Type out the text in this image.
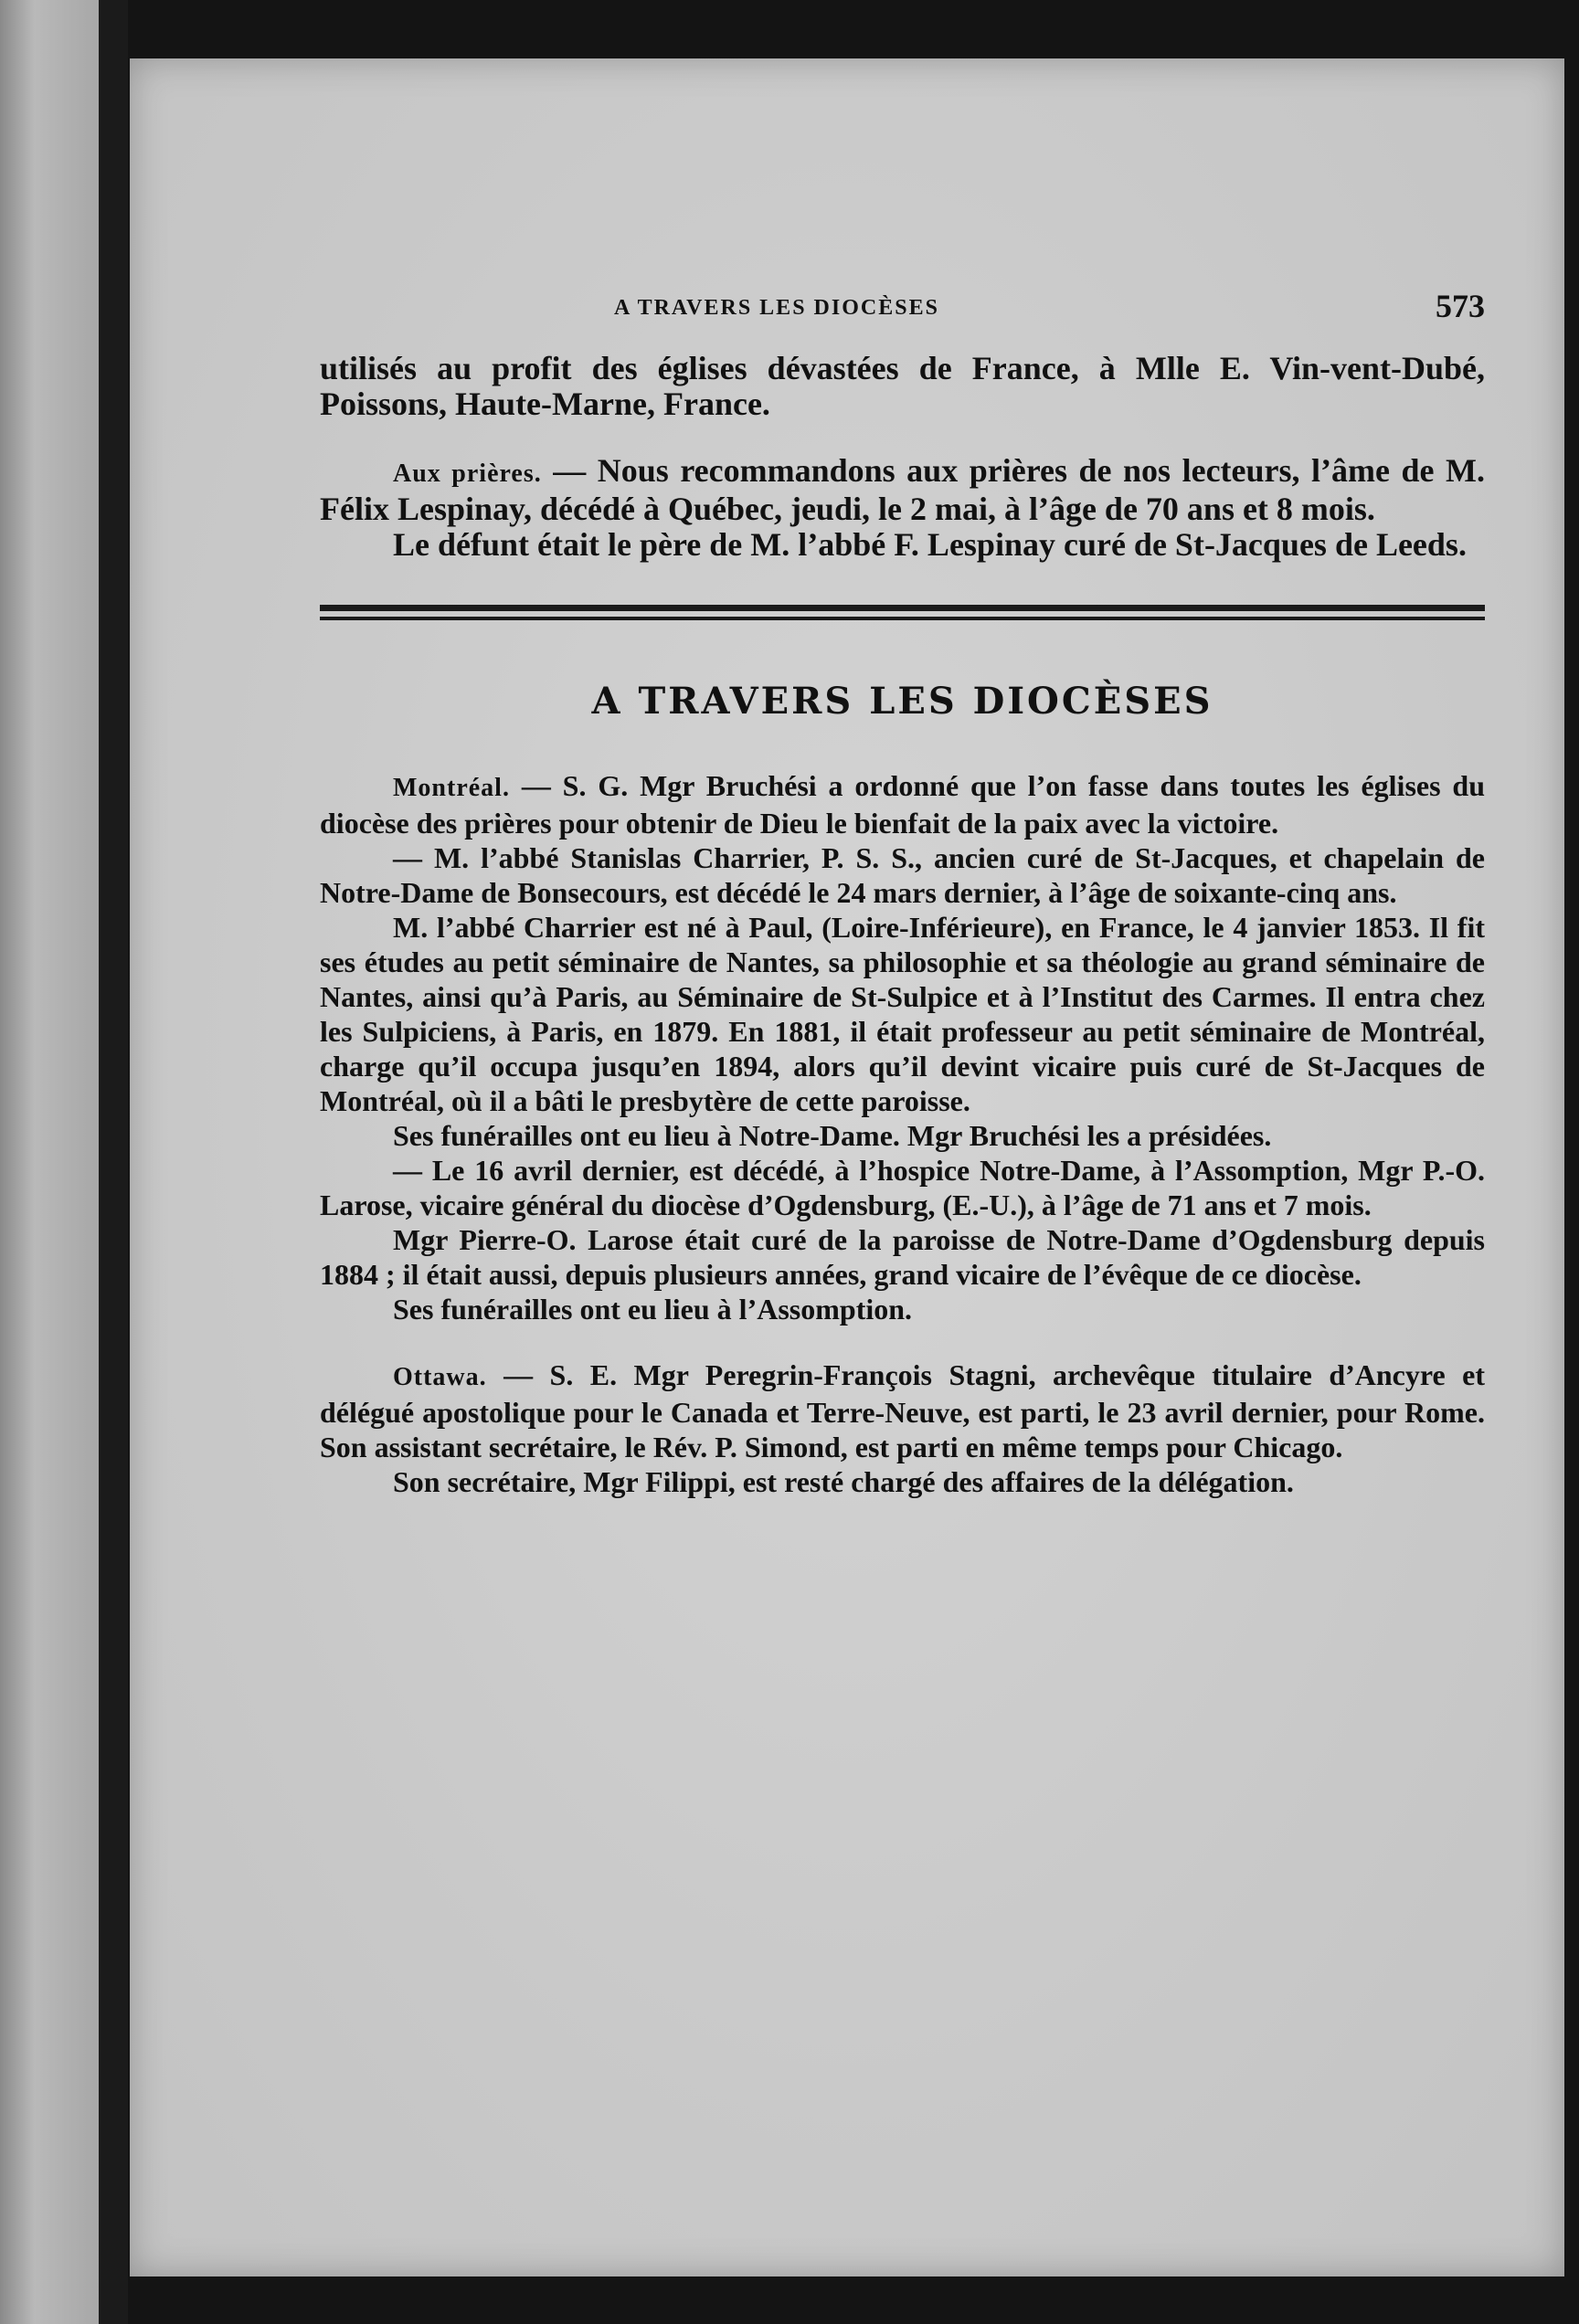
A TRAVERS LES DIOCÈSES	573

utilisés au profit des églises dévastées de France, à Mlle E. Vin-vent-Dubé, Poissons, Haute-Marne, France.

Aux prières. — Nous recommandons aux prières de nos lecteurs, l’âme de M. Félix Lespinay, décédé à Québec, jeudi, le 2 mai, à l’âge de 70 ans et 8 mois.

Le défunt était le père de M. l’abbé F. Lespinay curé de St-Jacques de Leeds.

A TRAVERS LES DIOCÈSES

Montréal. — S. G. Mgr Bruchési a ordonné que l’on fasse dans toutes les églises du diocèse des prières pour obtenir de Dieu le bienfait de la paix avec la victoire.

— M. l’abbé Stanislas Charrier, P. S. S., ancien curé de St-Jacques, et chapelain de Notre-Dame de Bonsecours, est décédé le 24 mars dernier, à l’âge de soixante-cinq ans.

M. l’abbé Charrier est né à Paul, (Loire-Inférieure), en France, le 4 janvier 1853. Il fit ses études au petit séminaire de Nantes, sa philosophie et sa théologie au grand séminaire de Nantes, ainsi qu’à Paris, au Séminaire de St-Sulpice et à l’Institut des Carmes. Il entra chez les Sulpiciens, à Paris, en 1879. En 1881, il était professeur au petit séminaire de Montréal, charge qu’il occupa jusqu’en 1894, alors qu’il devint vicaire puis curé de St-Jacques de Montréal, où il a bâti le presbytère de cette paroisse.

Ses funérailles ont eu lieu à Notre-Dame. Mgr Bruchési les a présidées.

— Le 16 avril dernier, est décédé, à l’hospice Notre-Dame, à l’Assomption, Mgr P.-O. Larose, vicaire général du diocèse d’Ogdensburg, (E.-U.), à l’âge de 71 ans et 7 mois.

Mgr Pierre-O. Larose était curé de la paroisse de Notre-Dame d’Ogdensburg depuis 1884 ; il était aussi, depuis plusieurs années, grand vicaire de l’évêque de ce diocèse.

Ses funérailles ont eu lieu à l’Assomption.

Ottawa. — S. E. Mgr Peregrin-François Stagni, archevêque titulaire d’Ancyre et délégué apostolique pour le Canada et Terre-Neuve, est parti, le 23 avril dernier, pour Rome. Son assistant secrétaire, le Rév. P. Simond, est parti en même temps pour Chicago.

Son secrétaire, Mgr Filippi, est resté chargé des affaires de la délégation.
